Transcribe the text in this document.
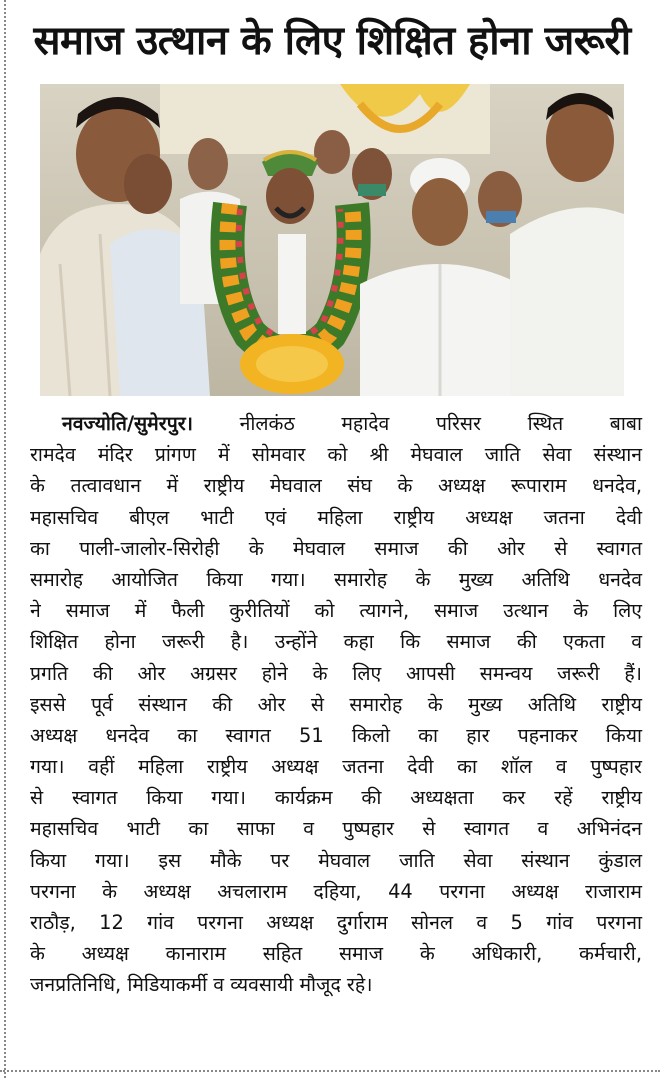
समाज उत्थान के लिए शिक्षित होना जरूरी
नवज्योति/सुमेरपुर। नीलकंठ महादेव परिसर स्थित बाबा
रामदेव मंदिर प्रांगण में सोमवार को श्री मेघवाल जाति सेवा संस्थान
के तत्वावधान में राष्ट्रीय मेघवाल संघ के अध्यक्ष रूपाराम धनदेव,
महासचिव बीएल भाटी एवं महिला राष्ट्रीय अध्यक्ष जतना देवी
का पाली-जालोर-सिरोही के मेघवाल समाज की ओर से स्वागत
समारोह आयोजित किया गया। समारोह के मुख्य अतिथि धनदेव
ने समाज में फैली कुरीतियों को त्यागने, समाज उत्थान के लिए
शिक्षित होना जरूरी है। उन्होंने कहा कि समाज की एकता व
प्रगति की ओर अग्रसर होने के लिए आपसी समन्वय जरूरी हैं।
इससे पूर्व संस्थान की ओर से समारोह के मुख्य अतिथि राष्ट्रीय
अध्यक्ष धनदेव का स्वागत 51 किलो का हार पहनाकर किया
गया। वहीं महिला राष्ट्रीय अध्यक्ष जतना देवी का शॉल व पुष्पहार
से स्वागत किया गया। कार्यक्रम की अध्यक्षता कर रहें राष्ट्रीय
महासचिव भाटी का साफा व पुष्पहार से स्वागत व अभिनंदन
किया गया। इस मौके पर मेघवाल जाति सेवा संस्थान कुंडाल
परगना के अध्यक्ष अचलाराम दहिया, 44 परगना अध्यक्ष राजाराम
राठौड़, 12 गांव परगना अध्यक्ष दुर्गाराम सोनल व 5 गांव परगना
के अध्यक्ष कानाराम सहित समाज के अधिकारी, कर्मचारी,
जनप्रतिनिधि, मिडियाकर्मी व व्यवसायी मौजूद रहे।
